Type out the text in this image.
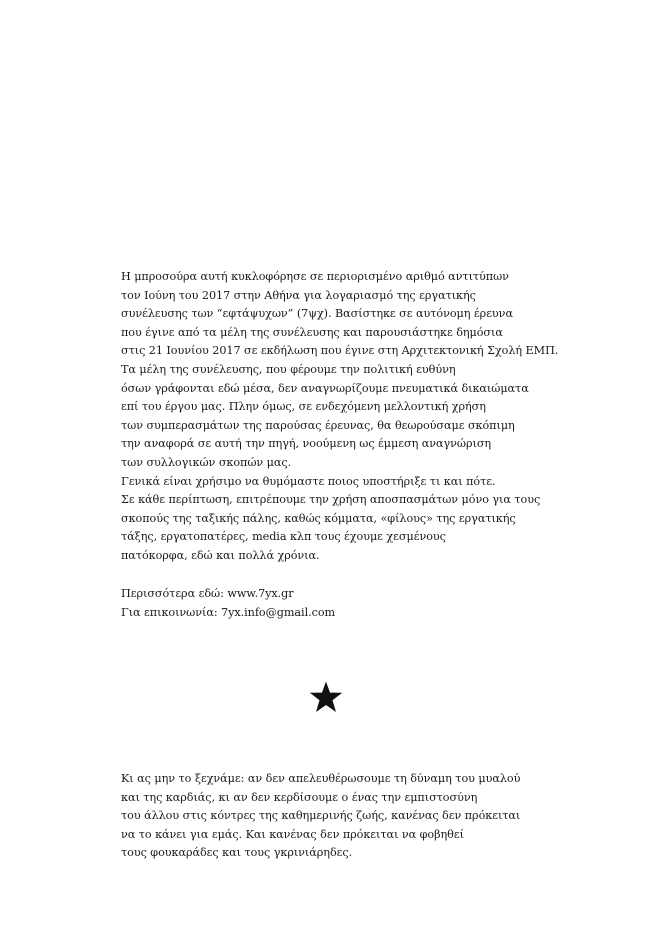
Η μπροσούρα αυτή κυκλοφόρησε σε περιορισμένο αριθμό αντιτύπων
τον Ιούνη του 2017 στην Αθήνα για λογαριασμό της εργατικής
συνέλευσης των “εφτάψυχων” (7ψχ). Βασίστηκε σε αυτόνομη έρευνα
που έγινε από τα μέλη της συνέλευσης και παρουσιάστηκε δημόσια
στις 21 Ιουνίου 2017 σε εκδήλωση που έγινε στη Αρχιτεκτονική Σχολή ΕΜΠ.
Τα μέλη της συνέλευσης, που φέρουμε την πολιτική ευθύνη
όσων γράφονται εδώ μέσα, δεν αναγνωρίζουμε πνευματικά δικαιώματα
επί του έργου μας. Πλην όμως, σε ενδεχόμενη μελλοντική χρήση
των συμπερασμάτων της παρούσας έρευνας, θα θεωρούσαμε σκόπιμη
την αναφορά σε αυτή την πηγή, νοούμενη ως έμμεση αναγνώριση
των συλλογικών σκοπών μας.
Γενικά είναι χρήσιμο να θυμόμαστε ποιος υποστήριξε τι και πότε.
Σε κάθε περίπτωση, επιτρέπουμε την χρήση αποσπασμάτων μόνο για τους
σκοπούς της ταξικής πάλης, καθώς κόμματα, «φίλους» της εργατικής
τάξης, εργατοπατέρες, media κλπ τους έχουμε χεσμένους
πατόκορφα, εδώ και πολλά χρόνια.
Περισσότερα εδώ: www.7yx.gr
Για επικοινωνία: 7yx.info@gmail.com
Κι ας μην το ξεχνάμε: αν δεν απελευθέρωσουμε τη δύναμη του μυαλού
και της καρδιάς, κι αν δεν κερδίσουμε ο ένας την εμπιστοσύνη
του άλλου στις κόντρες της καθημερινής ζωής, κανένας δεν πρόκειται
να το κάνει για εμάς. Και κανένας δεν πρόκειται να φοβηθεί
τους φουκαράδες και τους γκρινιάρηδες.
